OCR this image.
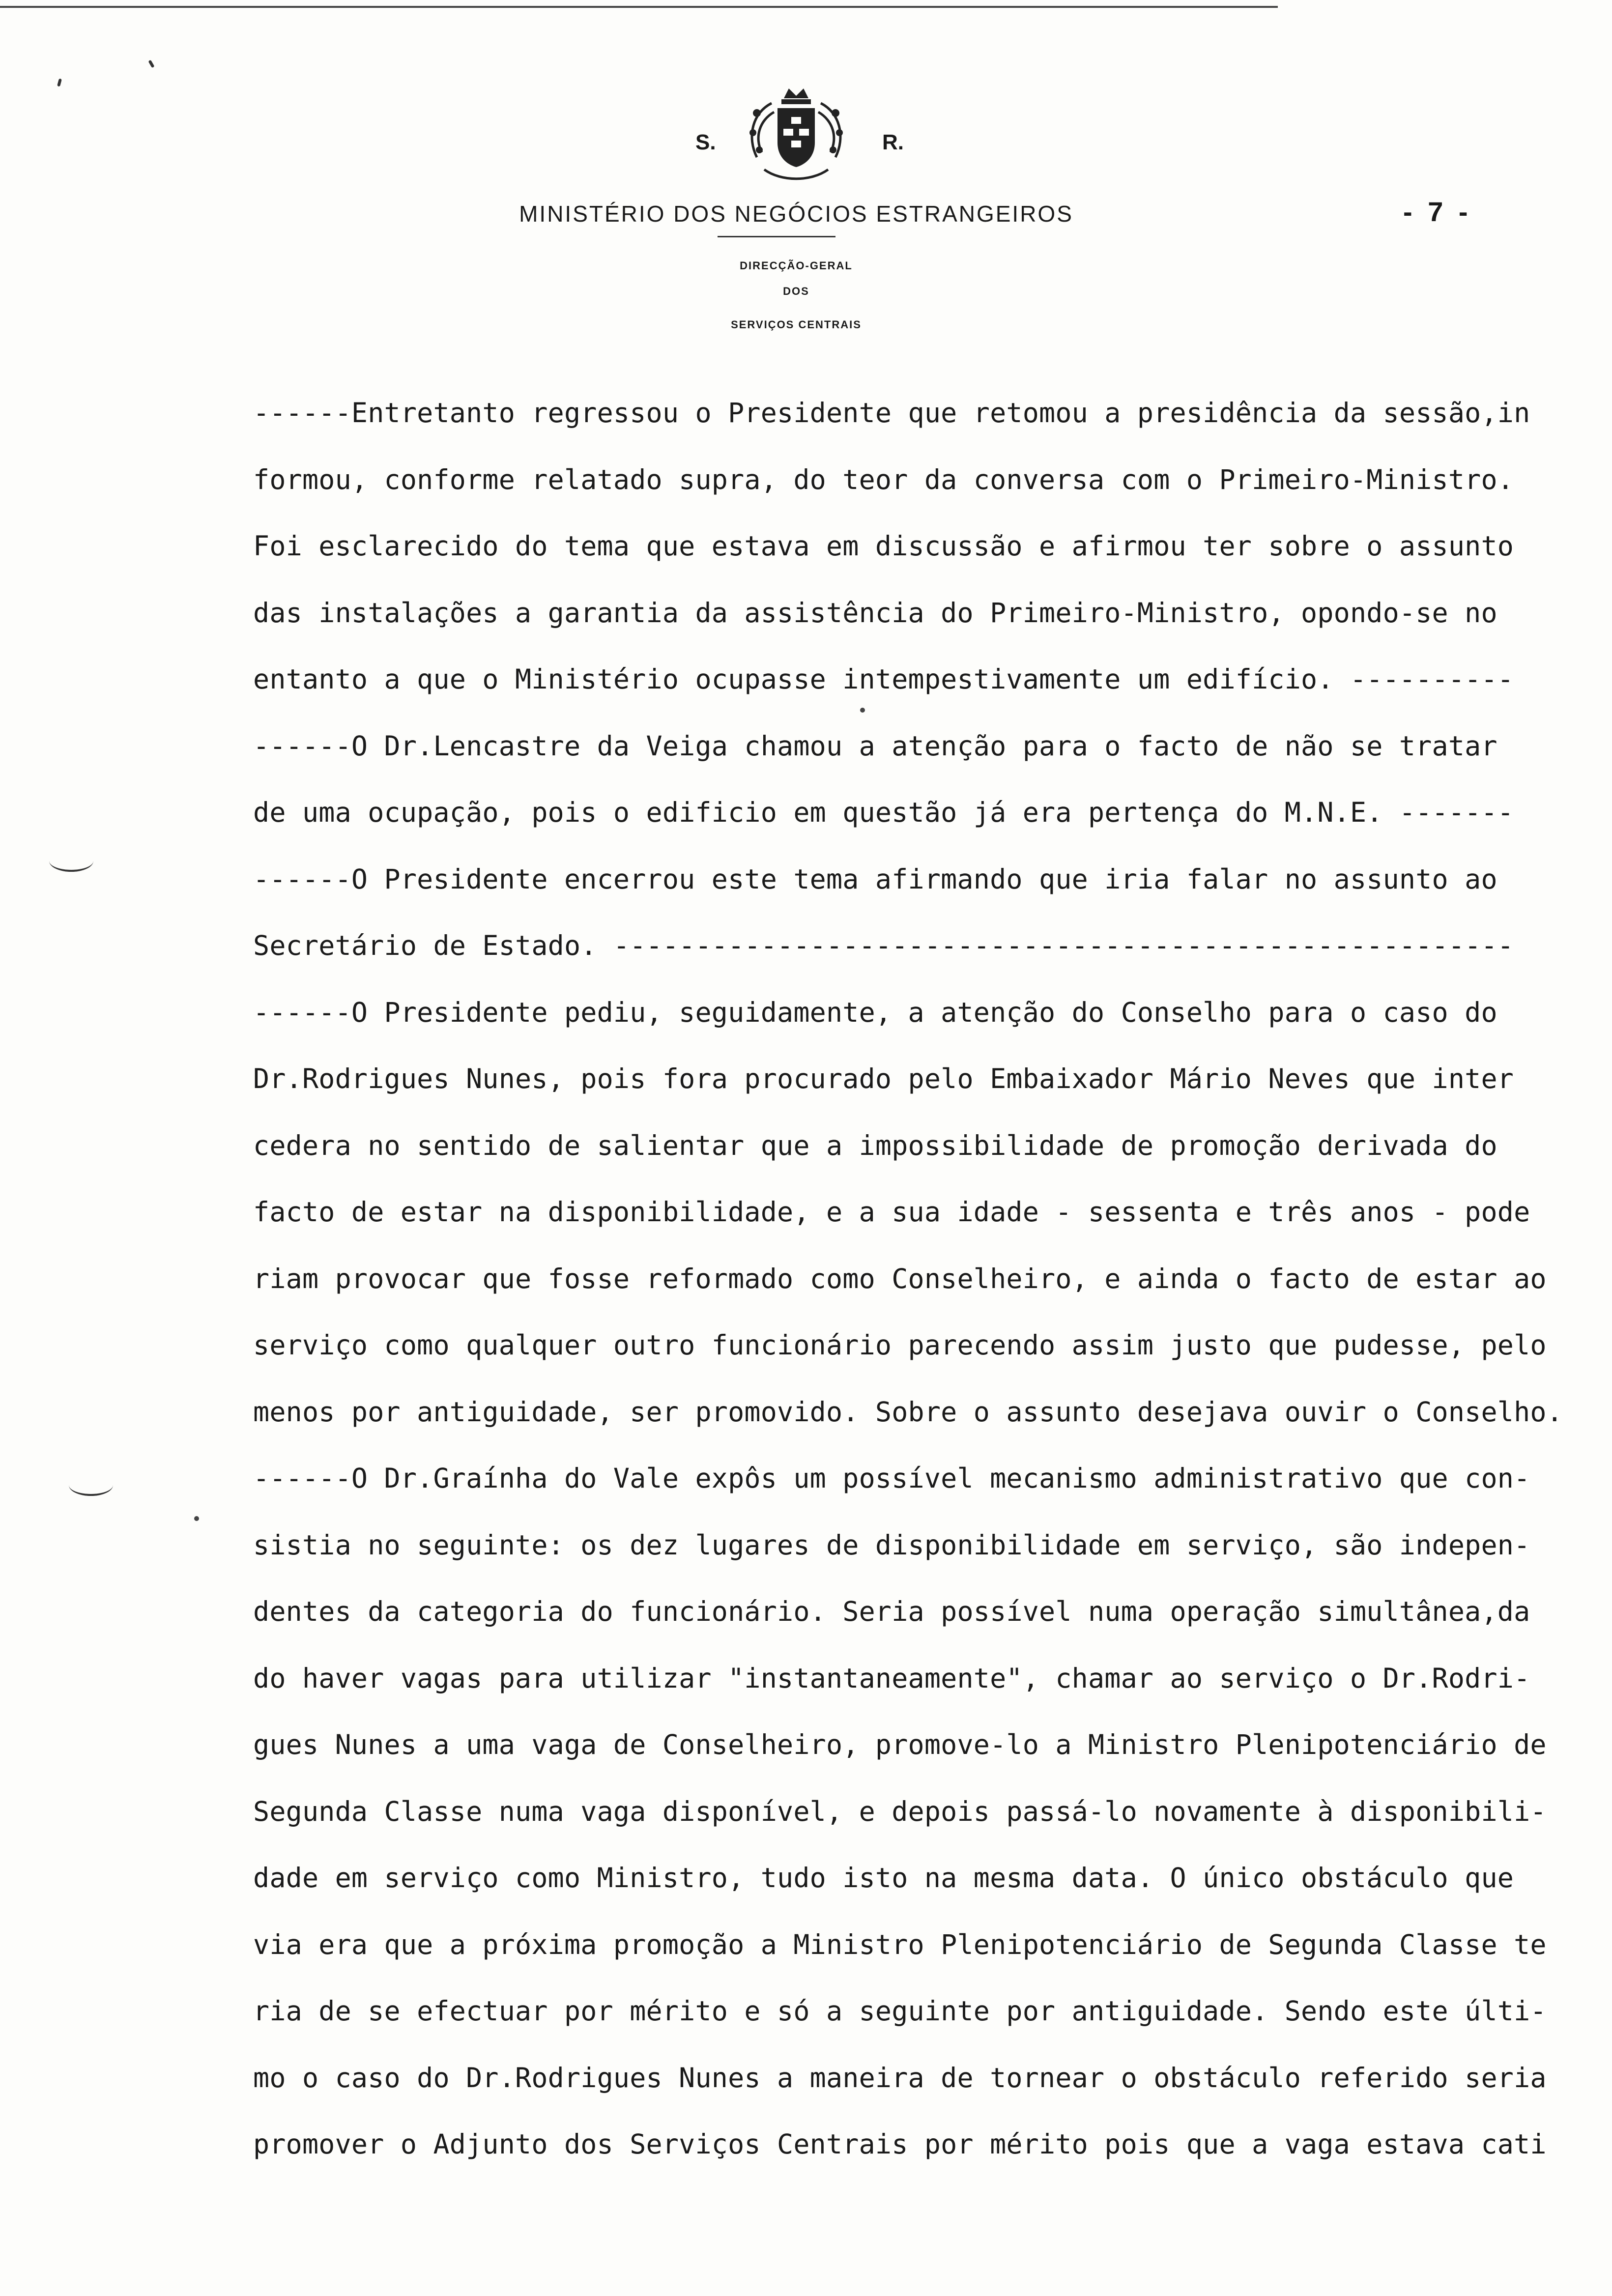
S.	R.
MINISTÉRIO DOS NEGÓCIOS ESTRANGEIROS
DIRECÇÃO-GERAL
DOS
SERVIÇOS CENTRAIS
- 7 -
------Entretanto regressou o Presidente que retomou a presidência da sessão,in
formou, conforme relatado supra, do teor da conversa com o Primeiro-Ministro.
Foi esclarecido do tema que estava em discussão e afirmou ter sobre o assunto
das instalações a garantia da assistência do Primeiro-Ministro, opondo-se no
entanto a que o Ministério ocupasse intempestivamente um edifício. ----------
------O Dr.Lencastre da Veiga chamou a atenção para o facto de não se tratar
de uma ocupação, pois o edificio em questão já era pertença do M.N.E. -------
------O Presidente encerrou este tema afirmando que iria falar no assunto ao
Secretário de Estado. -------------------------------------------------------
------O Presidente pediu, seguidamente, a atenção do Conselho para o caso do
Dr.Rodrigues Nunes, pois fora procurado pelo Embaixador Mário Neves que inter
cedera no sentido de salientar que a impossibilidade de promoção derivada do
facto de estar na disponibilidade, e a sua idade - sessenta e três anos - pode
riam provocar que fosse reformado como Conselheiro, e ainda o facto de estar ao
serviço como qualquer outro funcionário parecendo assim justo que pudesse, pelo
menos por antiguidade, ser promovido. Sobre o assunto desejava ouvir o Conselho.
------O Dr.Graínha do Vale expôs um possível mecanismo administrativo que con-
sistia no seguinte: os dez lugares de disponibilidade em serviço, são indepen-
dentes da categoria do funcionário. Seria possível numa operação simultânea,da
do haver vagas para utilizar "instantaneamente", chamar ao serviço o Dr.Rodri-
gues Nunes a uma vaga de Conselheiro, promove-lo a Ministro Plenipotenciário de
Segunda Classe numa vaga disponível, e depois passá-lo novamente à disponibili-
dade em serviço como Ministro, tudo isto na mesma data. O único obstáculo que
via era que a próxima promoção a Ministro Plenipotenciário de Segunda Classe te
ria de se efectuar por mérito e só a seguinte por antiguidade. Sendo este últi-
mo o caso do Dr.Rodrigues Nunes a maneira de tornear o obstáculo referido seria
promover o Adjunto dos Serviços Centrais por mérito pois que a vaga estava cati
